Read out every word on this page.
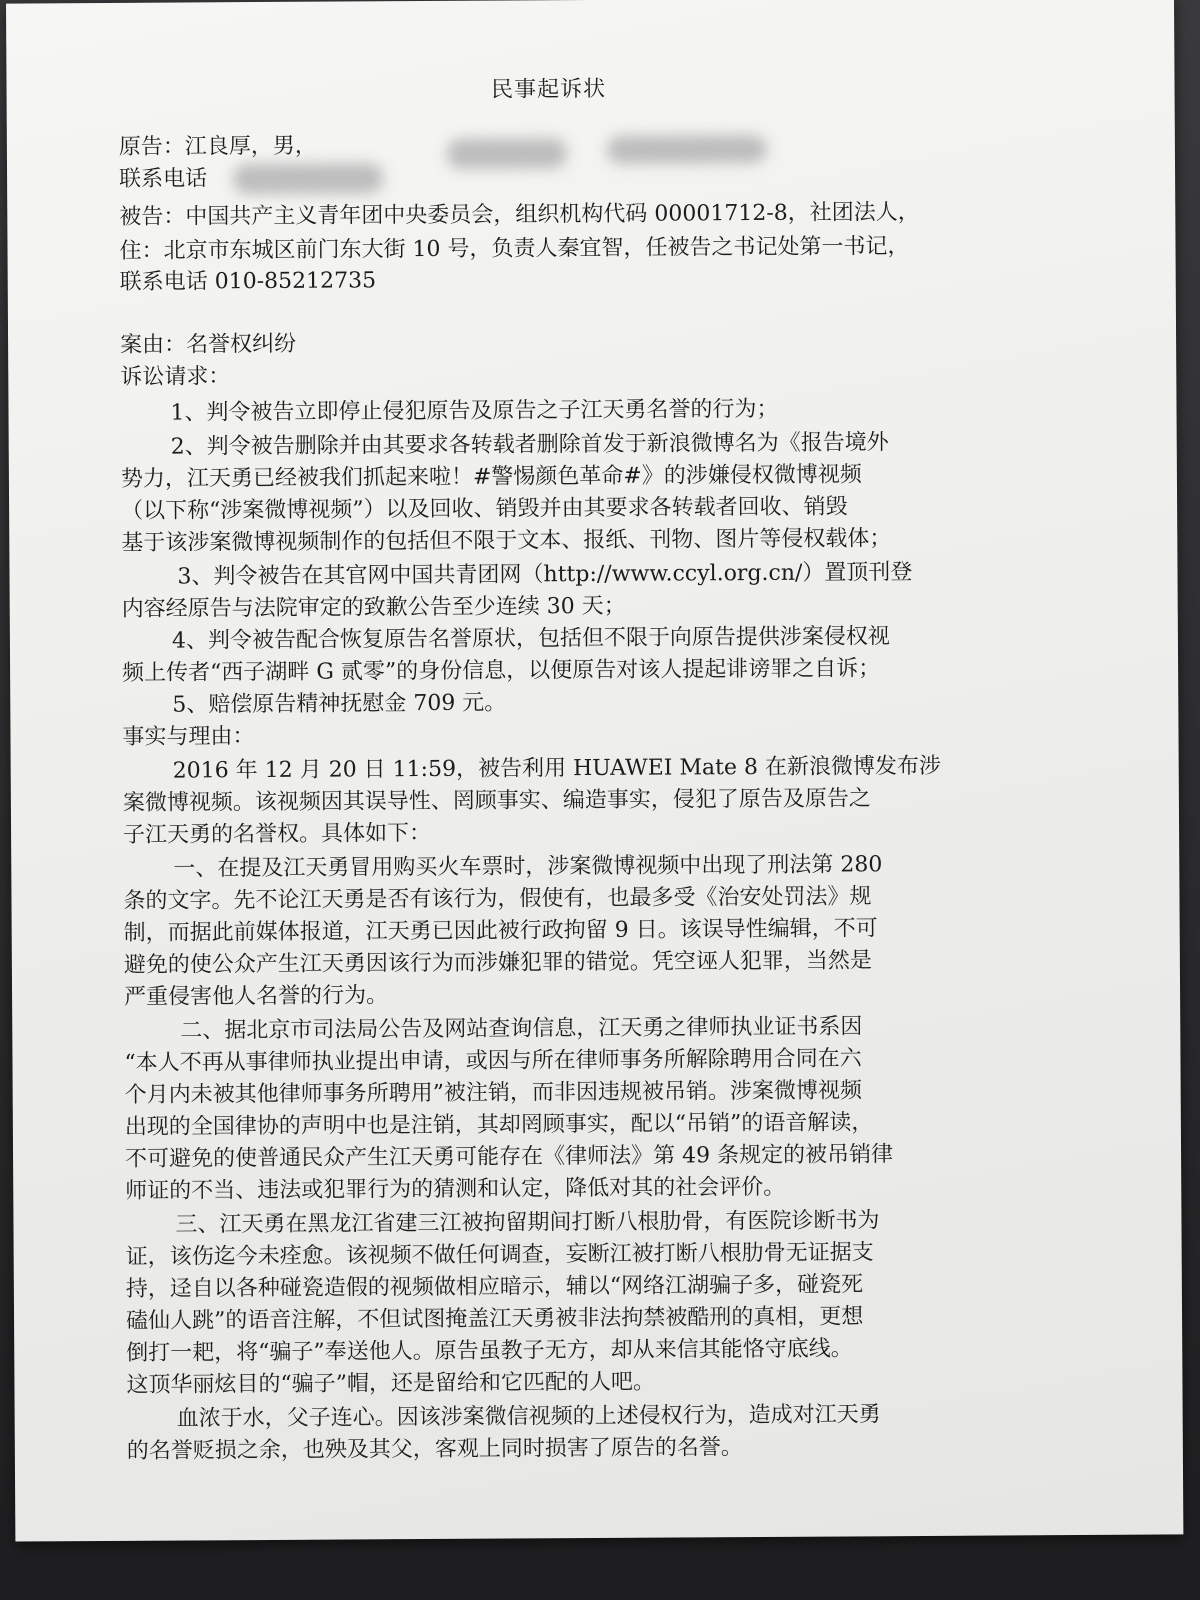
民事起诉状
原告：江良厚，男，
联系电话
被告：中国共产主义青年团中央委员会，组织机构代码 00001712-8，社团法人，
住：北京市东城区前门东大街 10 号，负责人秦宜智，任被告之书记处第一书记，
联系电话 010-85212735
案由：名誉权纠纷
诉讼请求：
1、判令被告立即停止侵犯原告及原告之子江天勇名誉的行为；
2、判令被告删除并由其要求各转载者删除首发于新浪微博名为《报告境外
势力，江天勇已经被我们抓起来啦！#警惕颜色革命#》的涉嫌侵权微博视频
（以下称“涉案微博视频”）以及回收、销毁并由其要求各转载者回收、销毁
基于该涉案微博视频制作的包括但不限于文本、报纸、刊物、图片等侵权载体；
3、判令被告在其官网中国共青团网（http://www.ccyl.org.cn/）置顶刊登
内容经原告与法院审定的致歉公告至少连续 30 天；
4、判令被告配合恢复原告名誉原状，包括但不限于向原告提供涉案侵权视
频上传者“西子湖畔 G 贰零”的身份信息，以便原告对该人提起诽谤罪之自诉；
5、赔偿原告精神抚慰金 709 元。
事实与理由：
2016 年 12 月 20 日 11:59，被告利用 HUAWEI Mate 8 在新浪微博发布涉
案微博视频。该视频因其误导性、罔顾事实、编造事实，侵犯了原告及原告之
子江天勇的名誉权。具体如下：
一、在提及江天勇冒用购买火车票时，涉案微博视频中出现了刑法第 280
条的文字。先不论江天勇是否有该行为，假使有，也最多受《治安处罚法》规
制，而据此前媒体报道，江天勇已因此被行政拘留 9 日。该误导性编辑，不可
避免的使公众产生江天勇因该行为而涉嫌犯罪的错觉。凭空诬人犯罪，当然是
严重侵害他人名誉的行为。
二、据北京市司法局公告及网站查询信息，江天勇之律师执业证书系因
“本人不再从事律师执业提出申请，或因与所在律师事务所解除聘用合同在六
个月内未被其他律师事务所聘用”被注销，而非因违规被吊销。涉案微博视频
出现的全国律协的声明中也是注销，其却罔顾事实，配以“吊销”的语音解读，
不可避免的使普通民众产生江天勇可能存在《律师法》第 49 条规定的被吊销律
师证的不当、违法或犯罪行为的猜测和认定，降低对其的社会评价。
三、江天勇在黑龙江省建三江被拘留期间打断八根肋骨，有医院诊断书为
证，该伤迄今未痊愈。该视频不做任何调查，妄断江被打断八根肋骨无证据支
持，迳自以各种碰瓷造假的视频做相应暗示，辅以“网络江湖骗子多，碰瓷死
磕仙人跳”的语音注解，不但试图掩盖江天勇被非法拘禁被酷刑的真相，更想
倒打一耙，将“骗子”奉送他人。原告虽教子无方，却从来信其能恪守底线。
这顶华丽炫目的“骗子”帽，还是留给和它匹配的人吧。
血浓于水，父子连心。因该涉案微信视频的上述侵权行为，造成对江天勇
的名誉贬损之余，也殃及其父，客观上同时损害了原告的名誉。
